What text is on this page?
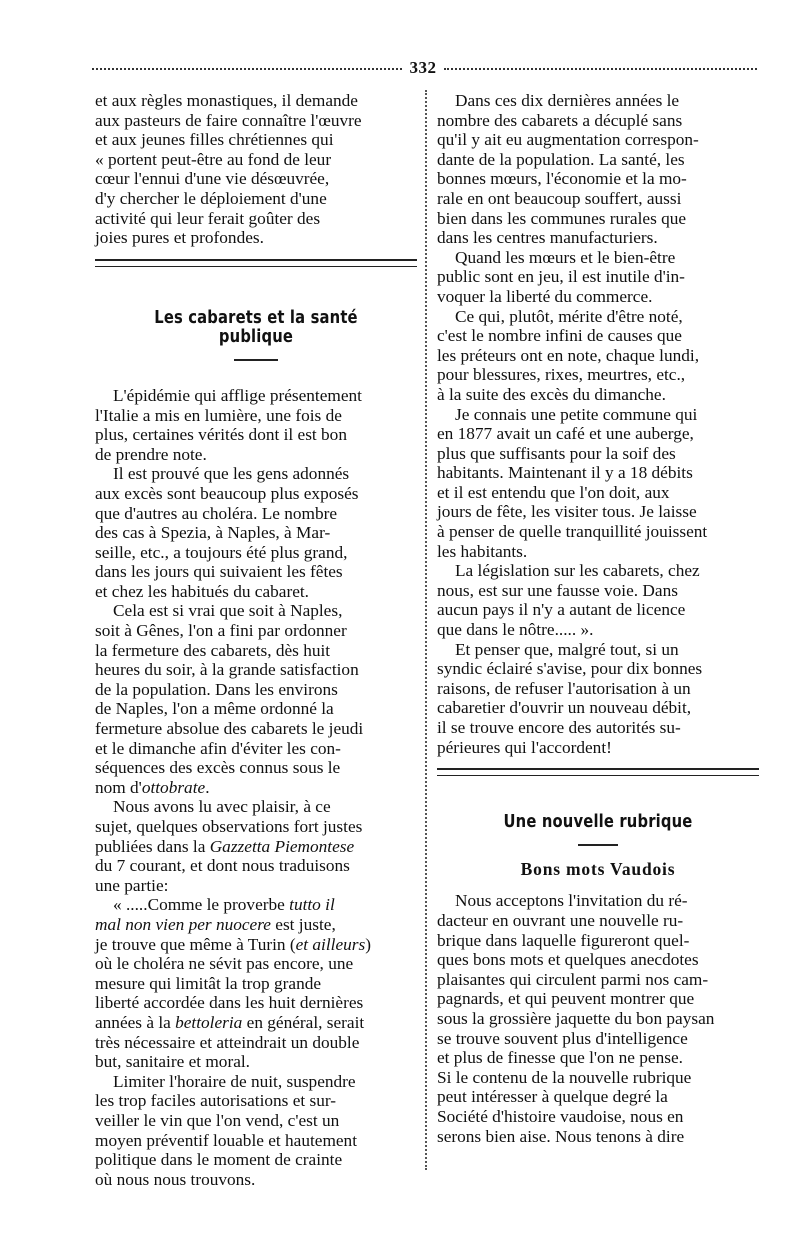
332

et aux règles monastiques, il demande
aux pasteurs de faire connaître l'œuvre
et aux jeunes filles chrétiennes qui
« portent peut-être au fond de leur
cœur l'ennui d'une vie désœuvrée,
d'y chercher le déploiement d'une
activité qui leur ferait goûter des
joies pures et profondes.

Les cabarets et la santé publique

L'épidémie qui afflige présentement
l'Italie a mis en lumière, une fois de
plus, certaines vérités dont il est bon
de prendre note.

Il est prouvé que les gens adonnés
aux excès sont beaucoup plus exposés
que d'autres au choléra. Le nombre
des cas à Spezia, à Naples, à Mar-
seille, etc., a toujours été plus grand,
dans les jours qui suivaient les fêtes
et chez les habitués du cabaret.

Cela est si vrai que soit à Naples,
soit à Gênes, l'on a fini par ordonner
la fermeture des cabarets, dès huit
heures du soir, à la grande satisfaction
de la population. Dans les environs
de Naples, l'on a même ordonné la
fermeture absolue des cabarets le jeudi
et le dimanche afin d'éviter les con-
séquences des excès connus sous le
nom d'ottobrate.

Nous avons lu avec plaisir, à ce
sujet, quelques observations fort justes
publiées dans la Gazzetta Piemontese
du 7 courant, et dont nous traduisons
une partie:

« .....Comme le proverbe tutto il
mal non vien per nuocere est juste,
je trouve que même à Turin (et ailleurs)
où le choléra ne sévit pas encore, une
mesure qui limitât la trop grande
liberté accordée dans les huit dernières
années à la bettoleria en général, serait
très nécessaire et atteindrait un double
but, sanitaire et moral.

Limiter l'horaire de nuit, suspendre
les trop faciles autorisations et sur-
veiller le vin que l'on vend, c'est un
moyen préventif louable et hautement
politique dans le moment de crainte
où nous nous trouvons.

Dans ces dix dernières années le
nombre des cabarets a décuplé sans
qu'il y ait eu augmentation correspon-
dante de la population. La santé, les
bonnes mœurs, l'économie et la mo-
rale en ont beaucoup souffert, aussi
bien dans les communes rurales que
dans les centres manufacturiers.

Quand les mœurs et le bien-être
public sont en jeu, il est inutile d'in-
voquer la liberté du commerce.

Ce qui, plutôt, mérite d'être noté,
c'est le nombre infini de causes que
les préteurs ont en note, chaque lundi,
pour blessures, rixes, meurtres, etc.,
à la suite des excès du dimanche.

Je connais une petite commune qui
en 1877 avait un café et une auberge,
plus que suffisants pour la soif des
habitants. Maintenant il y a 18 débits
et il est entendu que l'on doit, aux
jours de fête, les visiter tous. Je laisse
à penser de quelle tranquillité jouissent
les habitants.

La législation sur les cabarets, chez
nous, est sur une fausse voie. Dans
aucun pays il n'y a autant de licence
que dans le nôtre..... ».

Et penser que, malgré tout, si un
syndic éclairé s'avise, pour dix bonnes
raisons, de refuser l'autorisation à un
cabaretier d'ouvrir un nouveau débit,
il se trouve encore des autorités su-
périeures qui l'accordent!

Une nouvelle rubrique
Bons mots Vaudois

Nous acceptons l'invitation du ré-
dacteur en ouvrant une nouvelle ru-
brique dans laquelle figureront quel-
ques bons mots et quelques anecdotes
plaisantes qui circulent parmi nos cam-
pagnards, et qui peuvent montrer que
sous la grossière jaquette du bon paysan
se trouve souvent plus d'intelligence
et plus de finesse que l'on ne pense.
Si le contenu de la nouvelle rubrique
peut intéresser à quelque degré la
Société d'histoire vaudoise, nous en
serons bien aise. Nous tenons à dire
